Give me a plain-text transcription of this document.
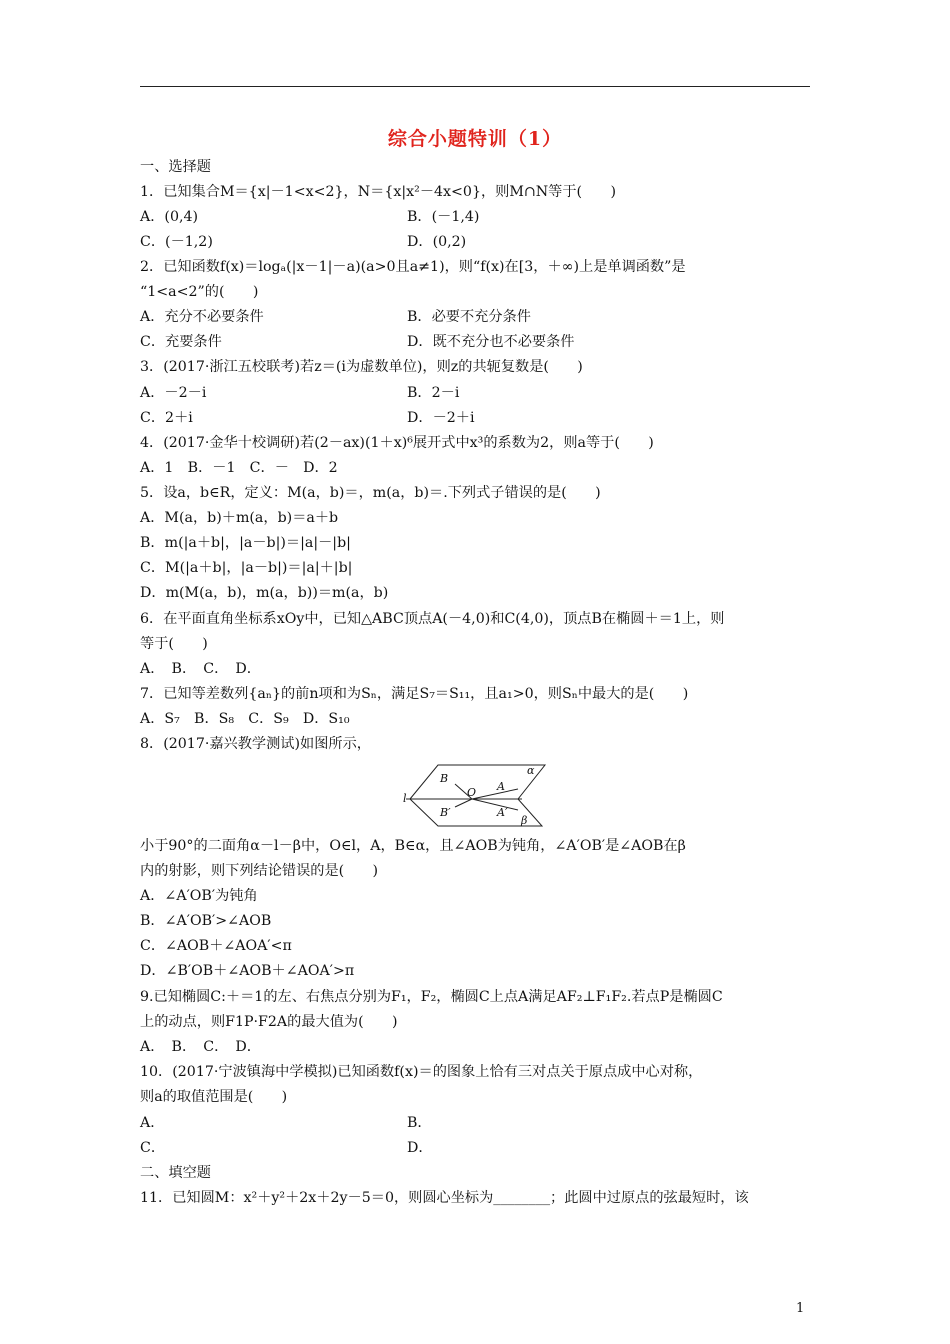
综合小题特训（1）
一、选择题
1．已知集合M＝{x|－1<x<2}，N＝{x|x²－4x<0}，则M∩N等于(　　)
A．(0,4)	B．(－1,4)
C．(－1,2)	D．(0,2)
2．已知函数f(x)＝logₐ(|x－1|－a)(a>0且a≠1)，则“f(x)在[3，＋∞)上是单调函数”是
“1<a<2”的(　　)
A．充分不必要条件	B．必要不充分条件
C．充要条件	D．既不充分也不必要条件
3．(2017·浙江五校联考)若z＝(i为虚数单位)，则z的共轭复数是(　　)
A．－2－i	B．2－i
C．2＋i	D．－2＋i
4．(2017·金华十校调研)若(2－ax)(1＋x)⁶展开式中x³的系数为2，则a等于(　　)
A．1　B．－1　C．－　D．2
5．设a，b∈R，定义：M(a，b)＝，m(a，b)＝.下列式子错误的是(　　)
A．M(a，b)＋m(a，b)＝a＋b
B．m(|a＋b|，|a－b|)＝|a|－|b|
C．M(|a＋b|，|a－b|)＝|a|＋|b|
D．m(M(a，b)，m(a，b))＝m(a，b)
6．在平面直角坐标系xOy中，已知△ABC顶点A(－4,0)和C(4,0)，顶点B在椭圆＋＝1上，则
等于(　　)
A．　B．　C．　D．
7．已知等差数列{aₙ}的前n项和为Sₙ，满足S₇＝S₁₁，且a₁>0，则Sₙ中最大的是(　　)
A．S₇　B．S₈　C．S₉　D．S₁₀
8．(2017·嘉兴教学测试)如图所示，
B
O A
α
l
B′	A′
β
小于90°的二面角α－l－β中，O∈l，A，B∈α，且∠AOB为钝角，∠A′OB′是∠AOB在β
内的射影，则下列结论错误的是(　　)
A．∠A′OB′为钝角
B．∠A′OB′>∠AOB
C．∠AOB＋∠AOA′<π
D．∠B′OB＋∠AOB＋∠AOA′>π
9.已知椭圆C:＋＝1的左、右焦点分别为F₁，F₂，椭圆C上点A满足AF₂⊥F₁F₂.若点P是椭圆C
上的动点，则F1P·F2A的最大值为(　　)
A．　B．　C．　D．
10．(2017·宁波镇海中学模拟)已知函数f(x)＝的图象上恰有三对点关于原点成中心对称，
则a的取值范围是(　　)
A．	B．
C．	D．
二、填空题
11．已知圆M：x²＋y²＋2x＋2y－5＝0，则圆心坐标为________；此圆中过原点的弦最短时，该
1
